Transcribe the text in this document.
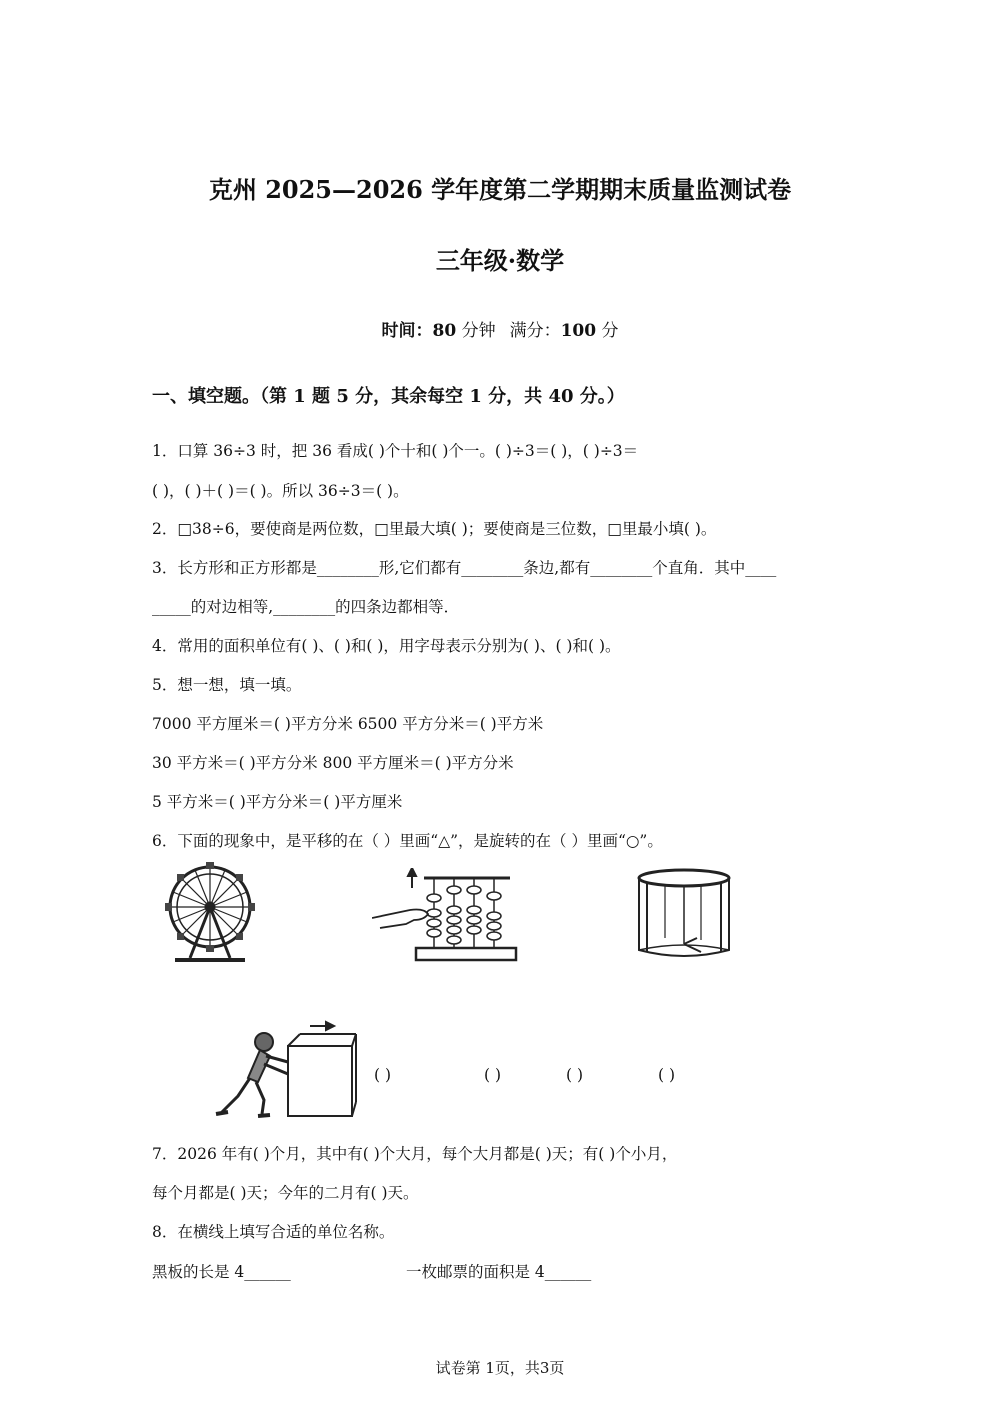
克州 2025—2026 学年度第二学期期末质量监测试卷
三年级·数学
时间：80 分钟 满分：100 分
一、填空题。（第 1 题 5 分，其余每空 1 分，共 40 分。）
1．口算 36÷3 时，把 36 看成( )个十和( )个一。( )÷3＝( )，( )÷3＝
( )，( )＋( )＝( )。所以 36÷3＝( )。
2．□38÷6，要使商是两位数，□里最大填( )；要使商是三位数，□里最小填( )。
3．长方形和正方形都是________形,它们都有________条边,都有________个直角．其中____
_____的对边相等,________的四条边都相等．
4．常用的面积单位有( )、( )和( )，用字母表示分别为( )、( )和( )。
5．想一想，填一填。
7000 平方厘米＝( )平方分米 6500 平方分米＝( )平方米
30 平方米＝( )平方分米 800 平方厘米＝( )平方分米
5 平方米＝( )平方分米＝( )平方厘米
6．下面的现象中，是平移的在（ ）里画“△”，是旋转的在（ ）里画“○”。
( )	( )	( )	( )
7．2026 年有( )个月，其中有( )个大月，每个大月都是( )天；有( )个小月，
每个月都是( )天；今年的二月有( )天。
8．在横线上填写合适的单位名称。
黑板的长是 4______	一枚邮票的面积是 4______
试卷第 1页，共3页
